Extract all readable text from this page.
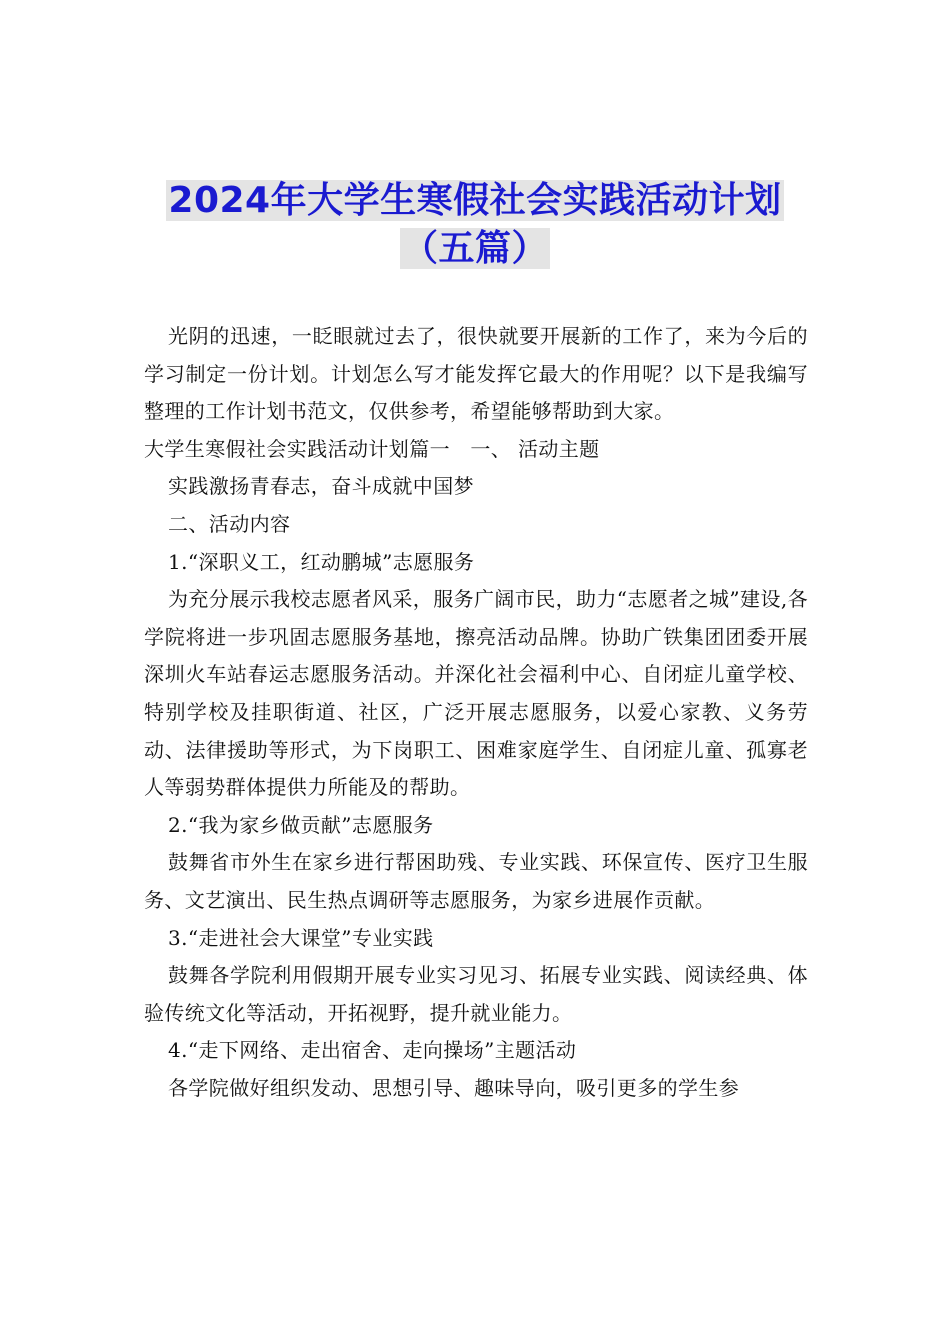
2024年大学生寒假社会实践活动计划
（五篇）

光阴的迅速，一眨眼就过去了，很快就要开展新的工作了，来为今后的学习制定一份计划。计划怎么写才能发挥它最大的作用呢？以下是我编写整理的工作计划书范文，仅供参考，希望能够帮助到大家。

大学生寒假社会实践活动计划篇一　一、 活动主题

实践激扬青春志，奋斗成就中国梦

二、活动内容

1.“深职义工，红动鹏城”志愿服务

为充分展示我校志愿者风采，服务广阔市民，助力“志愿者之城”建设,各学院将进一步巩固志愿服务基地，擦亮活动品牌。协助广铁集团团委开展深圳火车站春运志愿服务活动。并深化社会福利中心、自闭症儿童学校、特别学校及挂职街道、社区，广泛开展志愿服务，以爱心家教、义务劳动、法律援助等形式，为下岗职工、困难家庭学生、自闭症儿童、孤寡老人等弱势群体提供力所能及的帮助。

2.“我为家乡做贡献”志愿服务

鼓舞省市外生在家乡进行帮困助残、专业实践、环保宣传、医疗卫生服务、文艺演出、民生热点调研等志愿服务，为家乡进展作贡献。

3.“走进社会大课堂”专业实践

鼓舞各学院利用假期开展专业实习见习、拓展专业实践、阅读经典、体验传统文化等活动，开拓视野，提升就业能力。

4.“走下网络、走出宿舍、走向操场”主题活动

各学院做好组织发动、思想引导、趣味导向，吸引更多的学生参
